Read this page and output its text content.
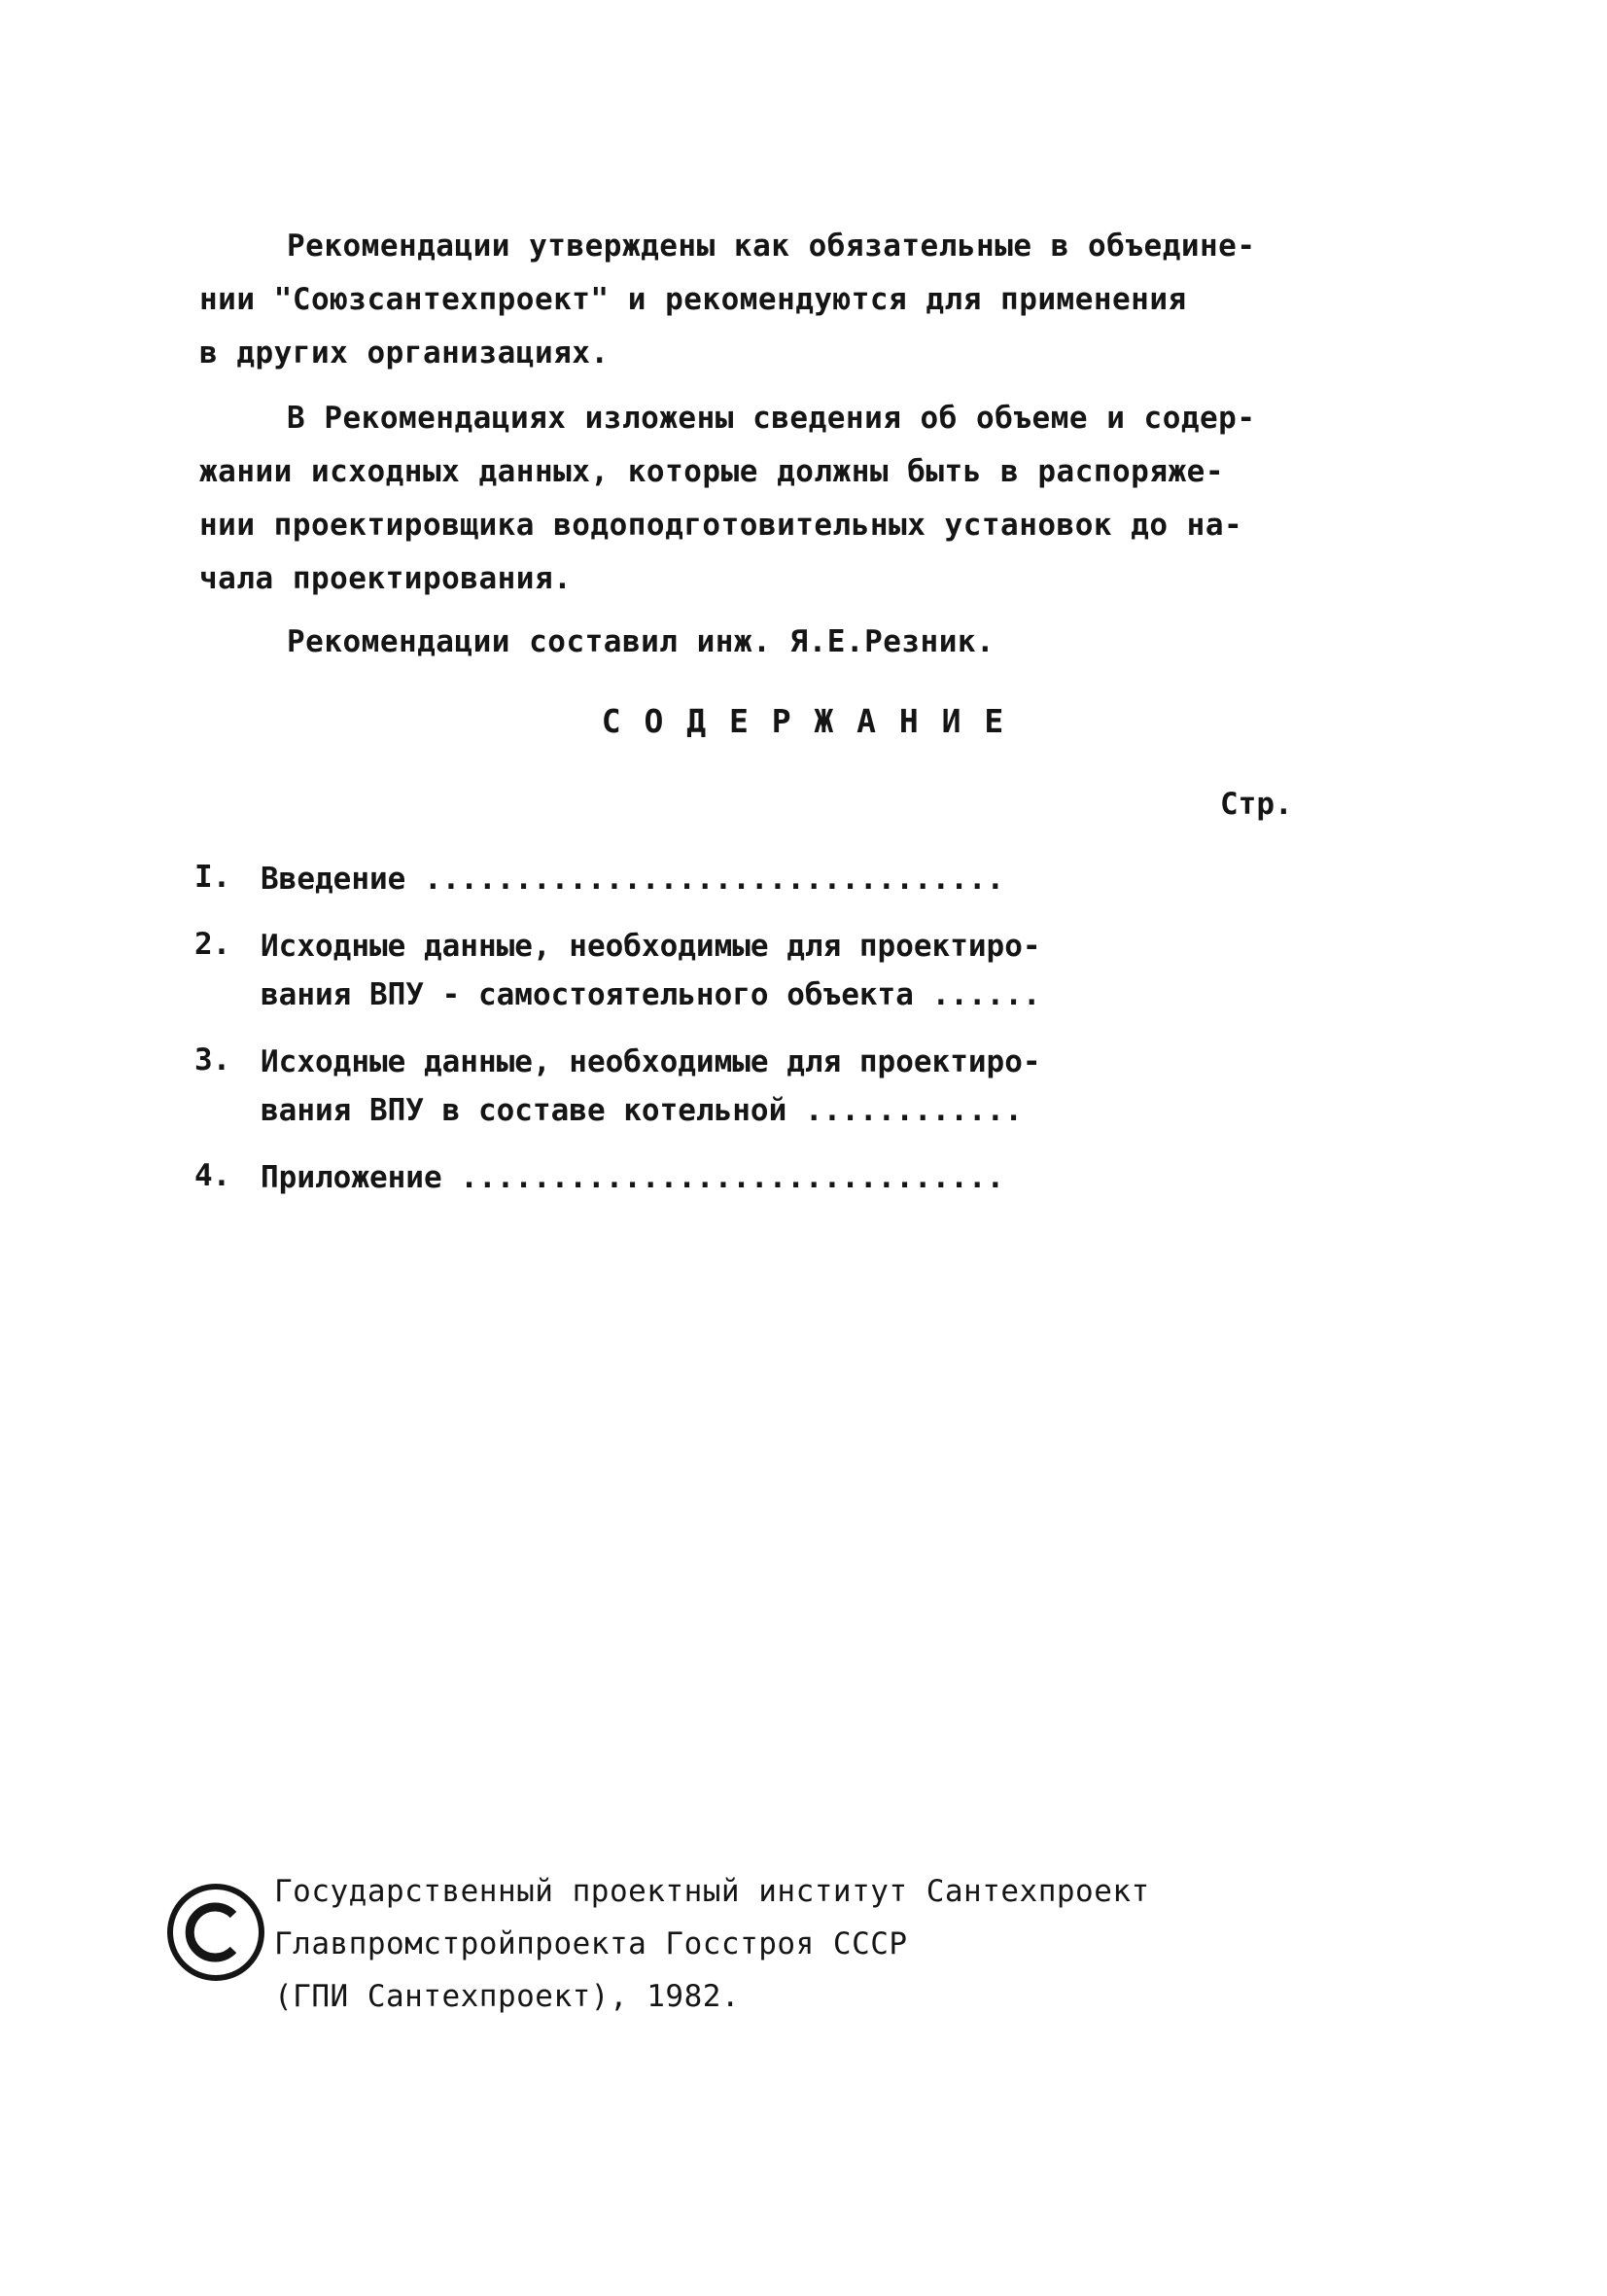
Рекомендации утверждены как обязательные в объедине-
нии "Союзсантехпроект" и рекомендуются для применения
в других организациях.
В Рекомендациях изложены сведения об объеме и содер-
жании исходных данных, которые должны быть в распоряже-
нии проектировщика водоподготовительных установок до на-
чала проектирования.
Рекомендации составил инж. Я.Е.Резник.
С О Д Е Р Ж А Н И Е
Стр.
I. Введение ................................
2. Исходные данные, необходимые для проектиро-
вания ВПУ - самостоятельного объекта ......
3. Исходные данные, необходимые для проектиро-
вания ВПУ в составе котельной ............
4. Приложение ..............................
Государственный проектный институт Сантехпроект
Главпромстройпроекта Госстроя СССР
(ГПИ Сантехпроект), 1982.
